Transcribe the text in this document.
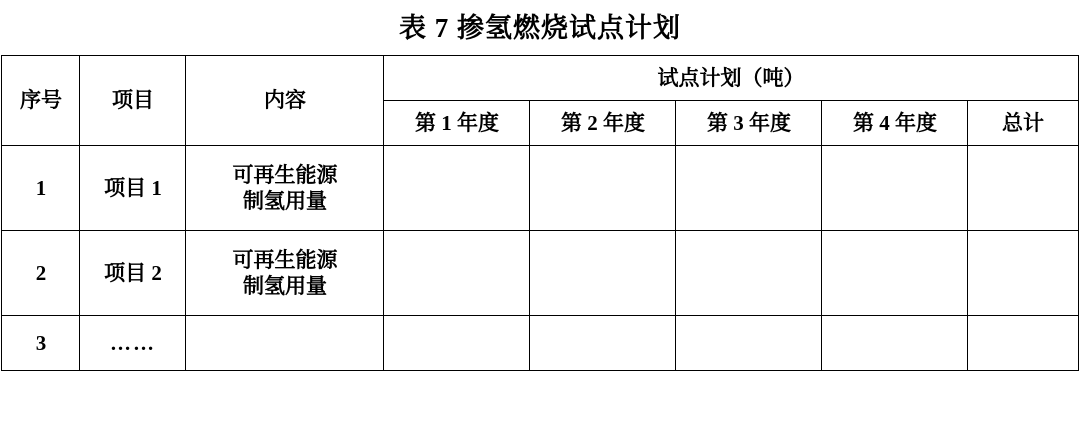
表 7 掺氢燃烧试点计划
序号	项目	内容	试点计划（吨）				
			第 1 年度	第 2 年度	第 3 年度	第 4 年度	总计
1	项目 1	可再生能源
制氢用量					

2	项目 2	可再生能源
制氢用量					

3	……						
